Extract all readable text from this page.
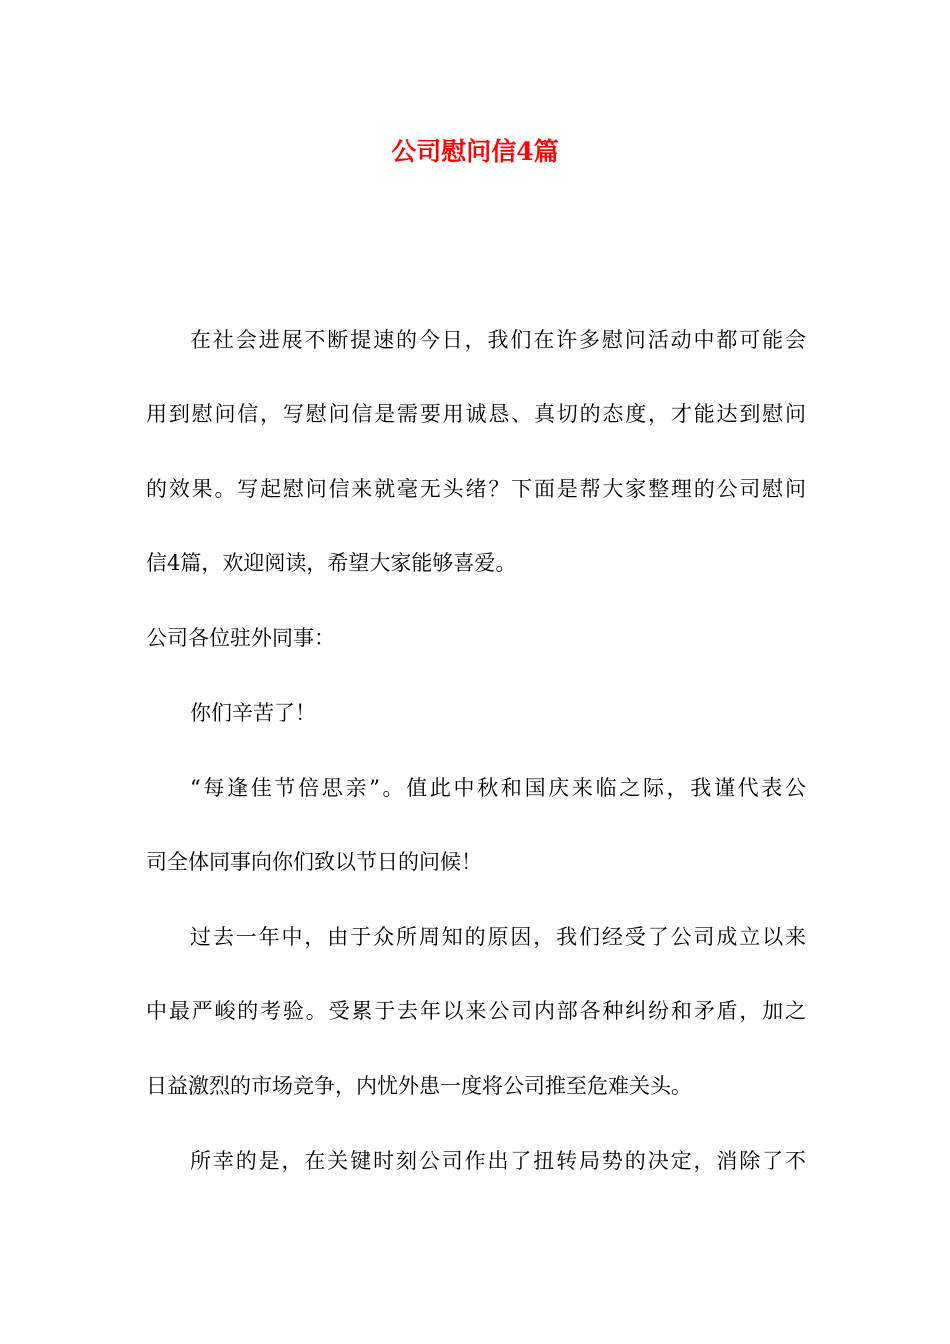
公司慰问信4篇
在社会进展不断提速的今日，我们在许多慰问活动中都可能会
用到慰问信，写慰问信是需要用诚恳、真切的态度，才能达到慰问
的效果。写起慰问信来就毫无头绪？下面是帮大家整理的公司慰问
信4篇，欢迎阅读，希望大家能够喜爱。
公司各位驻外同事：
你们辛苦了！
“每逢佳节倍思亲”。值此中秋和国庆来临之际，我谨代表公
司全体同事向你们致以节日的问候！
过去一年中，由于众所周知的原因，我们经受了公司成立以来
中最严峻的考验。受累于去年以来公司内部各种纠纷和矛盾，加之
日益激烈的市场竞争，内忧外患一度将公司推至危难关头。
所幸的是，在关键时刻公司作出了扭转局势的决定，消除了不
